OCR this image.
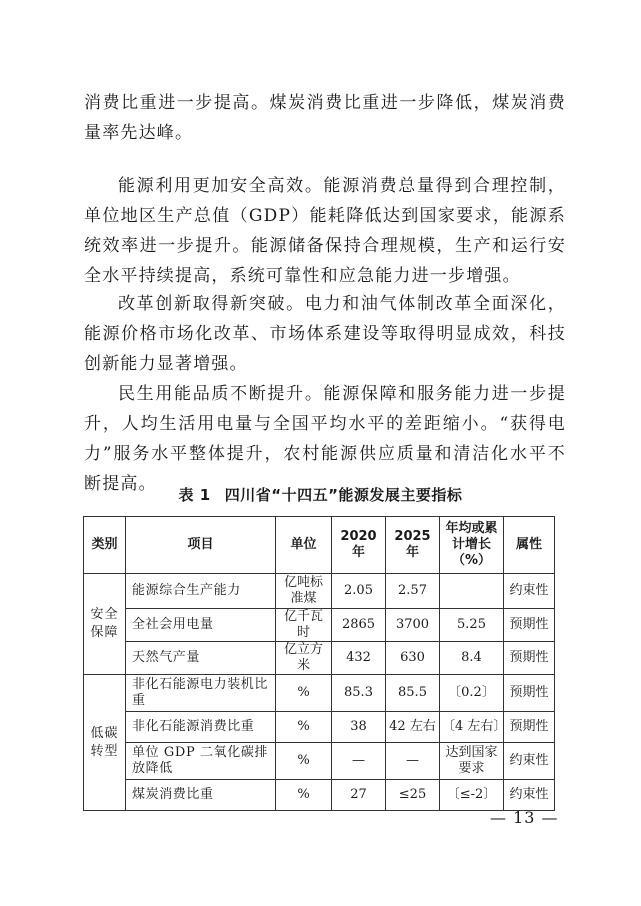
消费比重进一步提高。煤炭消费比重进一步降低，煤炭消费量率先达峰。

能源利用更加安全高效。能源消费总量得到合理控制，单位地区生产总值（GDP）能耗降低达到国家要求，能源系统效率进一步提升。能源储备保持合理规模，生产和运行安全水平持续提高，系统可靠性和应急能力进一步增强。

改革创新取得新突破。电力和油气体制改革全面深化，能源价格市场化改革、市场体系建设等取得明显成效，科技创新能力显著增强。

民生用能品质不断提升。能源保障和服务能力进一步提升，人均生活用电量与全国平均水平的差距缩小。“获得电力”服务水平整体提升，农村能源供应质量和清洁化水平不断提高。

表 1 四川省“十四五”能源发展主要指标
类别	项目	单位	2020 年	2025 年	年均或累计增长（%）	属性
安全保障	能源综合生产能力	亿吨标准煤	2.05	2.57		约束性
	全社会用电量	亿千瓦时	2865	3700	5.25	预期性
	天然气产量	亿立方米	432	630	8.4	预期性
低碳转型	非化石能源电力装机比重	%	85.3	85.5	〔0.2〕	预期性
	非化石能源消费比重	%	38	42 左右	〔4 左右〕	预期性
	单位 GDP 二氧化碳排放降低	%	—	—	达到国家要求	约束性
	煤炭消费比重	%	27	≤25	〔≤-2〕	约束性
— 13 —
